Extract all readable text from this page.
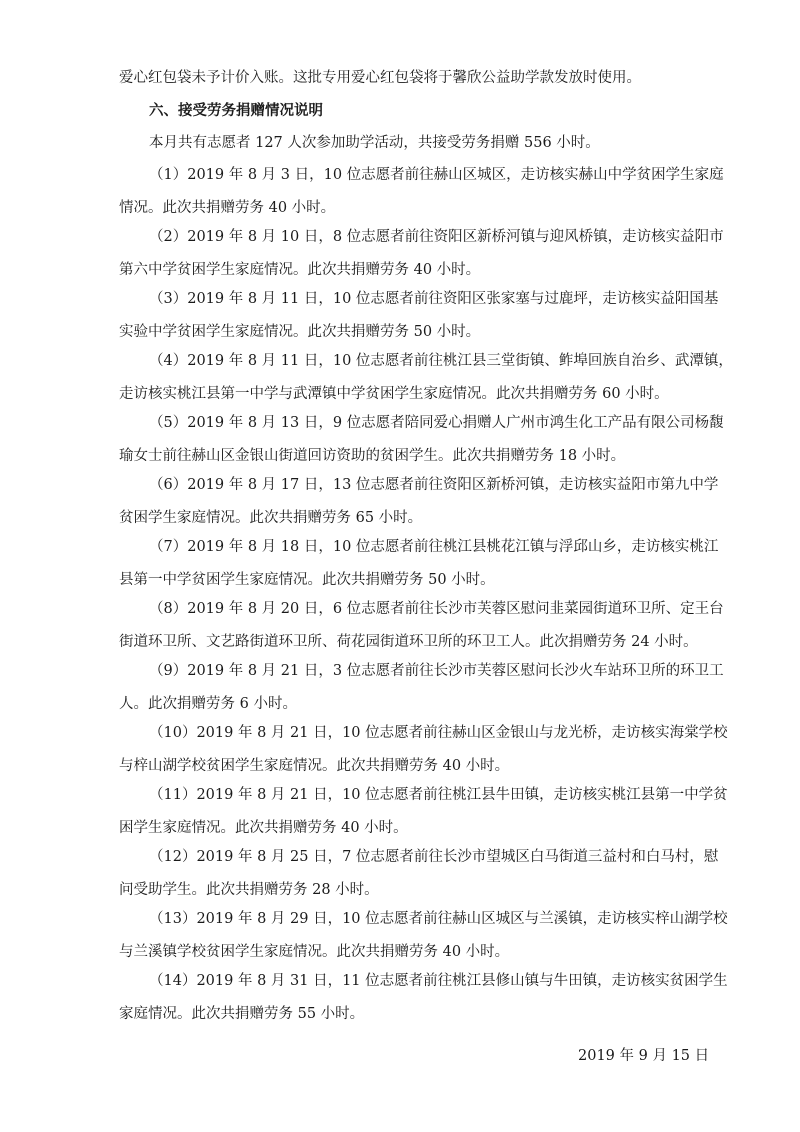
爱心红包袋未予计价入账。这批专用爱心红包袋将于馨欣公益助学款发放时使用。
六、接受劳务捐赠情况说明
本月共有志愿者 127 人次参加助学活动，共接受劳务捐赠 556 小时。
（1）2019 年 8 月 3 日，10 位志愿者前往赫山区城区，走访核实赫山中学贫困学生家庭
情况。此次共捐赠劳务 40 小时。
（2）2019 年 8 月 10 日，8 位志愿者前往资阳区新桥河镇与迎风桥镇，走访核实益阳市
第六中学贫困学生家庭情况。此次共捐赠劳务 40 小时。
（3）2019 年 8 月 11 日，10 位志愿者前往资阳区张家塞与过鹿坪，走访核实益阳国基
实验中学贫困学生家庭情况。此次共捐赠劳务 50 小时。
（4）2019 年 8 月 11 日，10 位志愿者前往桃江县三堂街镇、鲊埠回族自治乡、武潭镇，
走访核实桃江县第一中学与武潭镇中学贫困学生家庭情况。此次共捐赠劳务 60 小时。
（5）2019 年 8 月 13 日，9 位志愿者陪同爱心捐赠人广州市鸿生化工产品有限公司杨馥
瑜女士前往赫山区金银山街道回访资助的贫困学生。此次共捐赠劳务 18 小时。
（6）2019 年 8 月 17 日，13 位志愿者前往资阳区新桥河镇，走访核实益阳市第九中学
贫困学生家庭情况。此次共捐赠劳务 65 小时。
（7）2019 年 8 月 18 日，10 位志愿者前往桃江县桃花江镇与浮邱山乡，走访核实桃江
县第一中学贫困学生家庭情况。此次共捐赠劳务 50 小时。
（8）2019 年 8 月 20 日，6 位志愿者前往长沙市芙蓉区慰问韭菜园街道环卫所、定王台
街道环卫所、文艺路街道环卫所、荷花园街道环卫所的环卫工人。此次捐赠劳务 24 小时。
（9）2019 年 8 月 21 日，3 位志愿者前往长沙市芙蓉区慰问长沙火车站环卫所的环卫工
人。此次捐赠劳务 6 小时。
（10）2019 年 8 月 21 日，10 位志愿者前往赫山区金银山与龙光桥，走访核实海棠学校
与梓山湖学校贫困学生家庭情况。此次共捐赠劳务 40 小时。
（11）2019 年 8 月 21 日，10 位志愿者前往桃江县牛田镇，走访核实桃江县第一中学贫
困学生家庭情况。此次共捐赠劳务 40 小时。
（12）2019 年 8 月 25 日，7 位志愿者前往长沙市望城区白马街道三益村和白马村，慰
问受助学生。此次共捐赠劳务 28 小时。
（13）2019 年 8 月 29 日，10 位志愿者前往赫山区城区与兰溪镇，走访核实梓山湖学校
与兰溪镇学校贫困学生家庭情况。此次共捐赠劳务 40 小时。
（14）2019 年 8 月 31 日，11 位志愿者前往桃江县修山镇与牛田镇，走访核实贫困学生
家庭情况。此次共捐赠劳务 55 小时。
2019 年 9 月 15 日
